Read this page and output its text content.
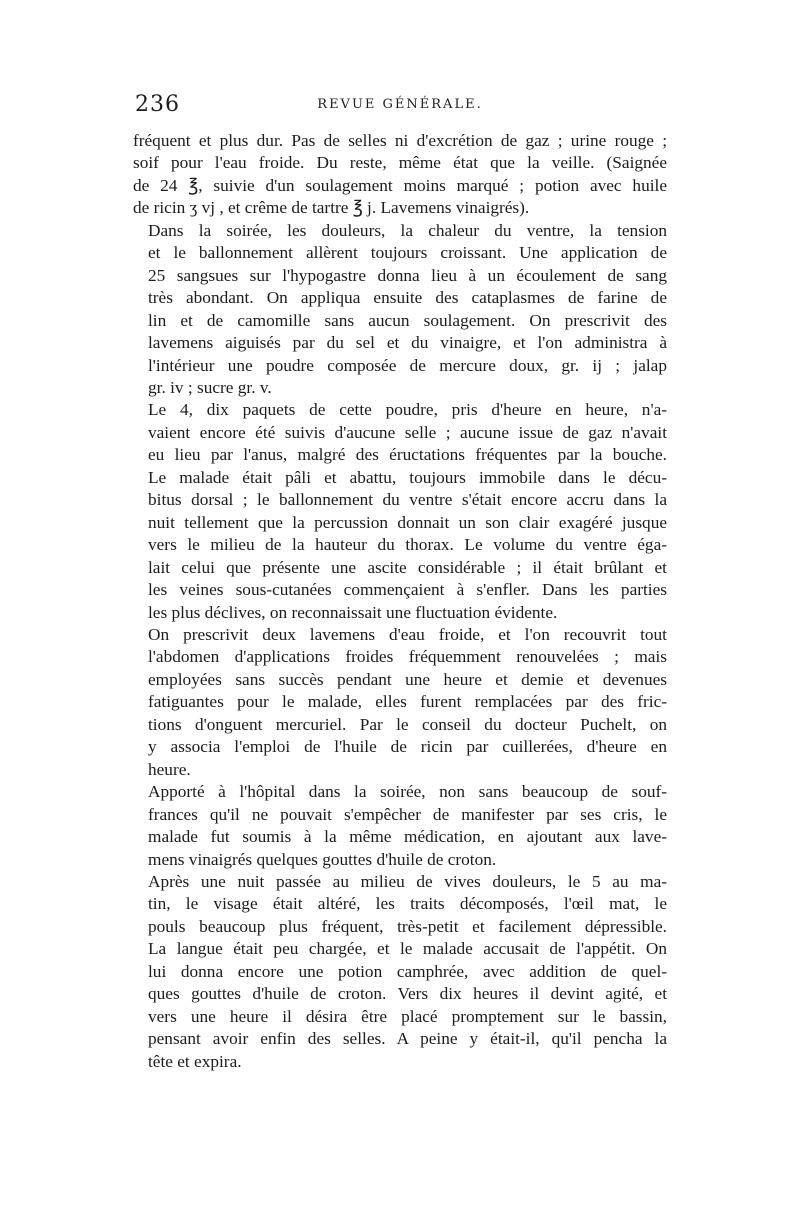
236	REVUE GÉNÉRALE.

fréquent et plus dur. Pas de selles ni d'excrétion de gaz ; urine rouge ;
soif pour l'eau froide. Du reste, même état que la veille. (Saignée
de 24 ℥, suivie d'un soulagement moins marqué ; potion avec huile
de ricin ʒ vj , et crême de tartre ℥ j. Lavemens vinaigrés).

Dans la soirée, les douleurs, la chaleur du ventre, la tension
et le ballonnement allèrent toujours croissant. Une application de
25 sangsues sur l'hypogastre donna lieu à un écoulement de sang
très abondant. On appliqua ensuite des cataplasmes de farine de
lin et de camomille sans aucun soulagement. On prescrivit des
lavemens aiguisés par du sel et du vinaigre, et l'on administra à
l'intérieur une poudre composée de mercure doux, gr. ij ; jalap
gr. iv ; sucre gr. v.

Le 4, dix paquets de cette poudre, pris d'heure en heure, n'a-
vaient encore été suivis d'aucune selle ; aucune issue de gaz n'avait
eu lieu par l'anus, malgré des éructations fréquentes par la bouche.
Le malade était pâli et abattu, toujours immobile dans le décu-
bitus dorsal ; le ballonnement du ventre s'était encore accru dans la
nuit tellement que la percussion donnait un son clair exagéré jusque
vers le milieu de la hauteur du thorax. Le volume du ventre éga-
lait celui que présente une ascite considérable ; il était brûlant et
les veines sous-cutanées commençaient à s'enfler. Dans les parties
les plus déclives, on reconnaissait une fluctuation évidente.

On prescrivit deux lavemens d'eau froide, et l'on recouvrit tout
l'abdomen d'applications froides fréquemment renouvelées ; mais
employées sans succès pendant une heure et demie et devenues
fatiguantes pour le malade, elles furent remplacées par des fric-
tions d'onguent mercuriel. Par le conseil du docteur Puchelt, on
y associa l'emploi de l'huile de ricin par cuillerées, d'heure en
heure.

Apporté à l'hôpital dans la soirée, non sans beaucoup de souf-
frances qu'il ne pouvait s'empêcher de manifester par ses cris, le
malade fut soumis à la même médication, en ajoutant aux lave-
mens vinaigrés quelques gouttes d'huile de croton.

Après une nuit passée au milieu de vives douleurs, le 5 au ma-
tin, le visage était altéré, les traits décomposés, l'œil mat, le
pouls beaucoup plus fréquent, très-petit et facilement dépressible.
La langue était peu chargée, et le malade accusait de l'appétit. On
lui donna encore une potion camphrée, avec addition de quel-
ques gouttes d'huile de croton. Vers dix heures il devint agité, et
vers une heure il désira être placé promptement sur le bassin,
pensant avoir enfin des selles. A peine y était-il, qu'il pencha la
tête et expira.
